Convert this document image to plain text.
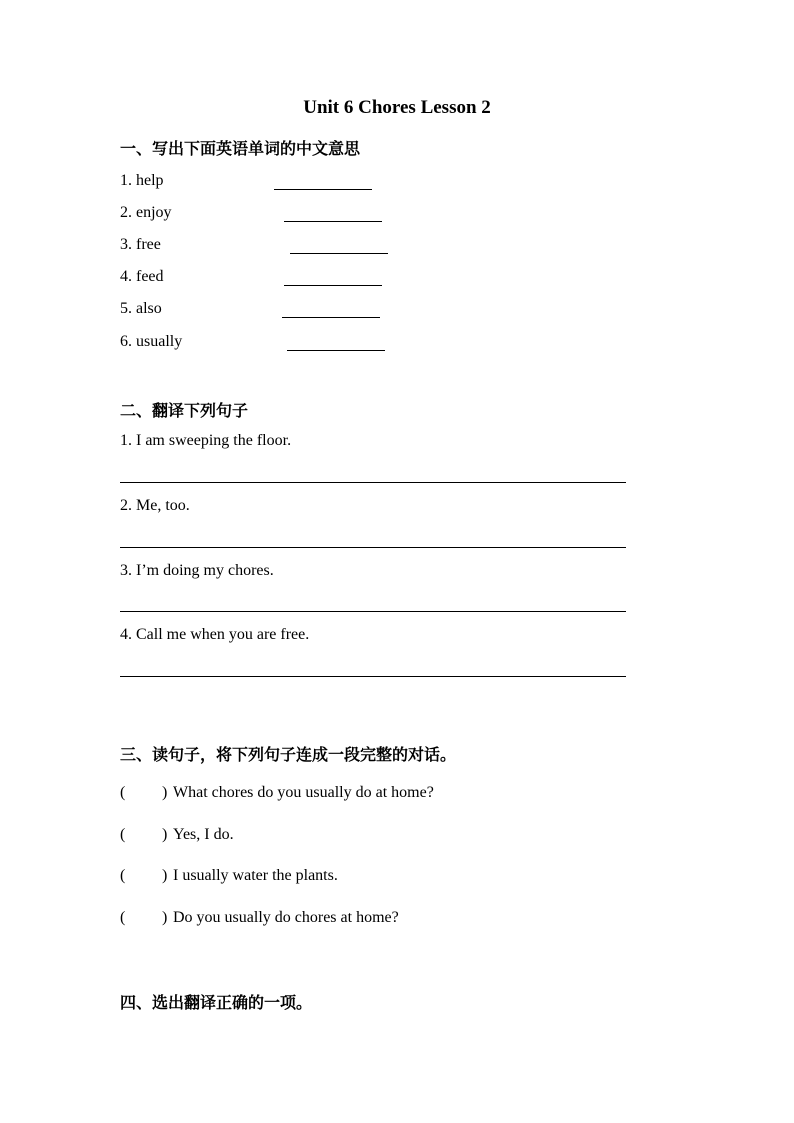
Unit 6 Chores Lesson 2
一、写出下面英语单词的中文意思
1. help
2. enjoy
3. free
4. feed
5. also
6. usually
二、翻译下列句子
1. I am sweeping the floor.
2. Me, too.
3. I’m doing my chores.
4. Call me when you are free.
三、读句子，将下列句子连成一段完整的对话。
( ) What chores do you usually do at home?
( ) Yes, I do.
( ) I usually water the plants.
( ) Do you usually do chores at home?
四、选出翻译正确的一项。
